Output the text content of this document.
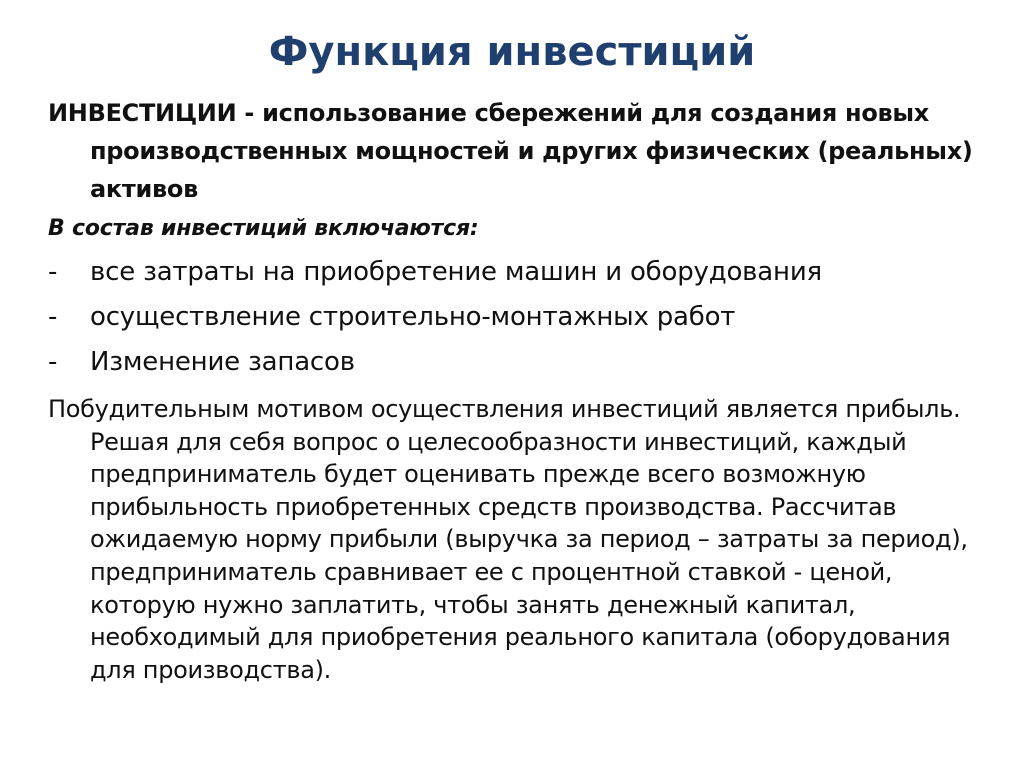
Функция инвестиций

ИНВЕСТИЦИИ - использование сбережений для создания новых производственных мощностей и других физических (реальных) активов

В состав инвестиций включаются:

- все затраты на приобретение машин и оборудования
- осуществление строительно-монтажных работ
- Изменение запасов

Побудительным мотивом осуществления инвестиций является прибыль. Решая для себя вопрос о целесообразности инвестиций, каждый предприниматель будет оценивать прежде всего возможную прибыльность приобретенных средств производства. Рассчитав ожидаемую норму прибыли (выручка за период – затраты за период), предприниматель сравнивает ее с процентной ставкой - ценой, которую нужно заплатить, чтобы занять денежный капитал, необходимый для приобретения реального капитала (оборудования для производства).
